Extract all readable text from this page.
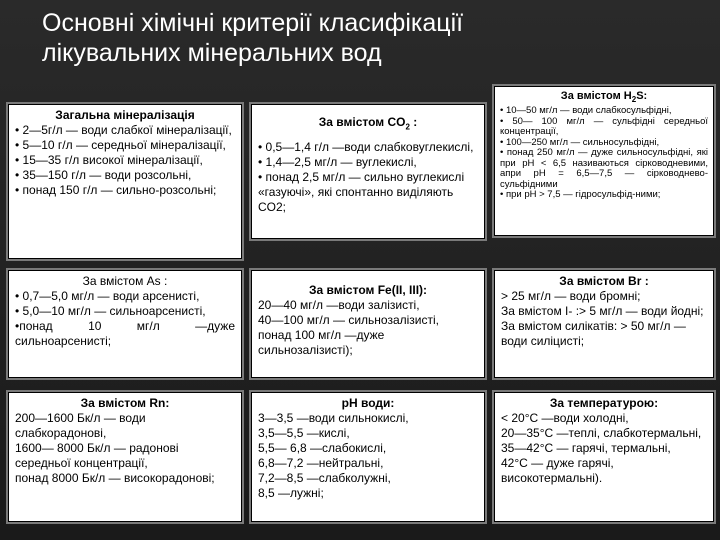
Основні хімічні критерії класифікації
лікувальних мінеральних вод
Загальна мінералізація

• 2—5г/л — води слабкої мінералізації,

• 5—10 г/л — середньої мінералізації,

• 15—35 г/л високої мінералізації,

• 35—150 г/л — води розсольні,

• понад 150 г/л — сильно-розсольні;

За вмістом $CO_2$ :

• 0,5—1,4 г/л —води слабковуглекислі,

• 1,4—2,5 мг/л — вуглекислі,

• понад 2,5 мг/л — сильно вуглекислі «газуючі», які спонтанно виділяють CO2;

За вмістом $H_2S$:

• 10—50 мг/л — води слабкосульфідні,

• 50— 100 мг/л — сульфідні середньої концентрації,

• 100—250 мг/л — сильносульфідні,

• понад 250 мг/л — дуже сильносульфідні, які при рН < 6,5 називаються сірководневими, апри рН = 6,5—7,5 — сірководнево-сульфідними

• при рН > 7,5 — гідросульфід-ними;

За вмістом As :

• 0,7—5,0 мг/л — води арсенисті,

• 5,0—10 мг/л — сильноарсенисті,

•понад 10 мг/л —дуже сильноарсенисті;

За вмістом Fe(II, III):

20—40 мг/л —води залізисті,

40—100 мг/л — сильнозалізисті,

понад 100 мг/л —дуже сильнозалізисті);

За вмістом Br :

> 25 мг/л — води бромні;

За вмістом І- :> 5 мг/л — води йодні;

За вмістом силікатів: > 50 мг/л — води силіцисті;

За вмістом Rn:

200—1600 Бк/л — води слабкорадонові,

1600— 8000 Бк/л — радонові середньої концентрації,

понад 8000 Бк/л — високорадонові;

рН води:

3—3,5 —води сильнокислі,

3,5—5,5 —кислі,

5,5— 6,8 —слабокислі,

6,8—7,2 —нейтральні,

7,2—8,5 —слабколужні,

8,5 —лужні;

За температурою:

< 20°С —води холодні,

20—35°С —теплі, слабкотермальні,

35—42°С — гарячі, термальні,

42°С — дуже гарячі, високотермальні).
